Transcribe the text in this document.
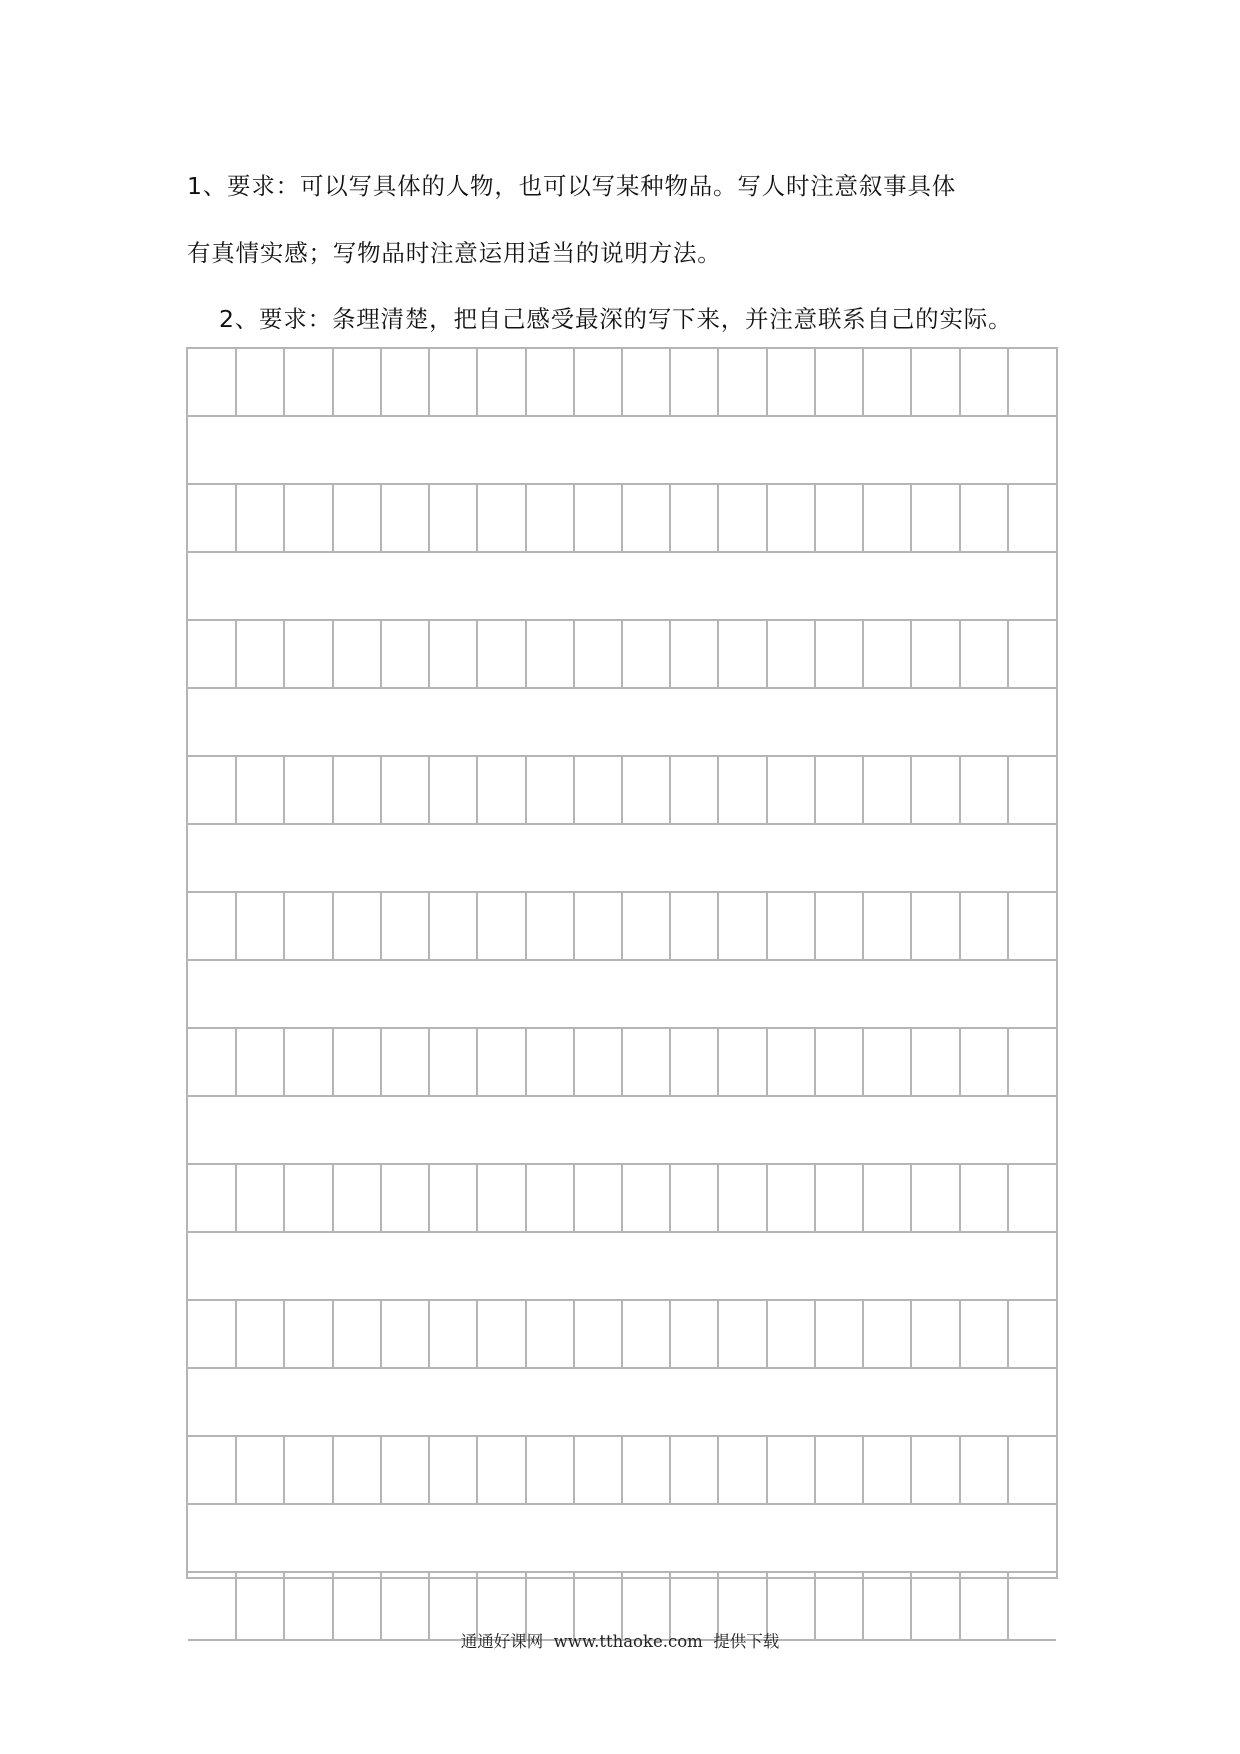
1、要求：可以写具体的人物，也可以写某种物品。写人时注意叙事具体
有真情实感；写物品时注意运用适当的说明方法。
2、要求：条理清楚，把自己感受最深的写下来，并注意联系自己的实际。
通通好课网  www.tthaoke.com  提供下载
